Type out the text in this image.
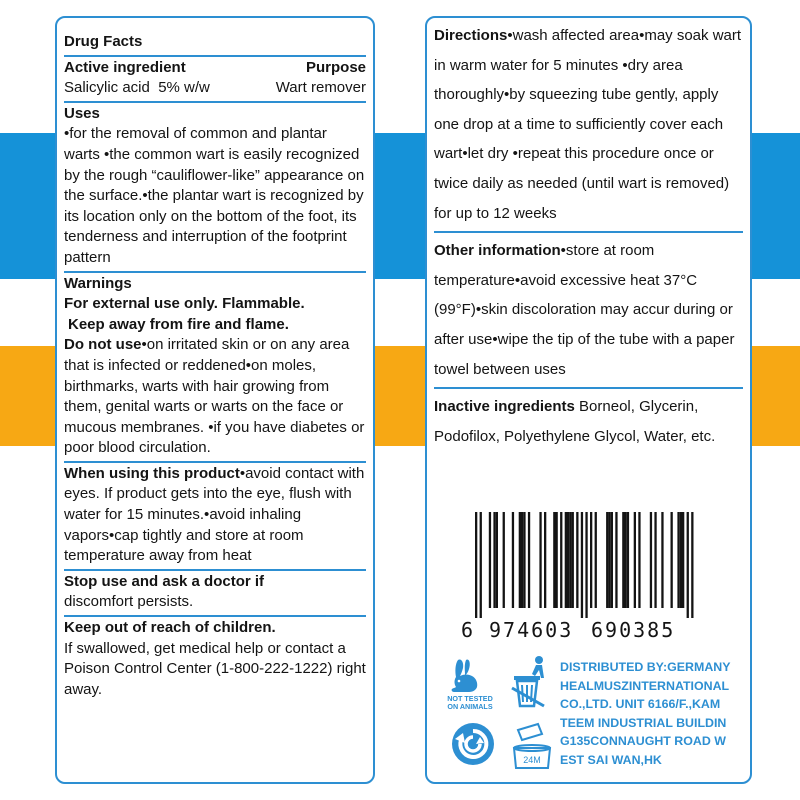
Drug Facts
Active ingredient	Purpose
Salicylic acid  5% w/w	Wart remover
Uses
•for the removal of common and plantar warts •the common wart is easily recognized by the rough “cauliflower-like” appearance on the surface.•the plantar wart is recognized by its location only on the bottom of the foot, its tenderness and interruption of the footprint pattern
Warnings
For external use only. Flammable.
Keep away from fire and flame.
Do not use•on irritated skin or on any area that is infected or reddened•on moles, birthmarks, warts with hair growing from them, genital warts or warts on the face or mucous membranes. •if you have diabetes or poor blood circulation.
When using this product•avoid contact with eyes. If product gets into the eye, flush with water for 15 minutes.•avoid inhaling vapors•cap tightly and store at room temperature away from heat
Stop use and ask a doctor if
discomfort persists.
Keep out of reach of children.
If swallowed, get medical help or contact a Poison Control Center (1-800-222-1222) right away.
Directions•wash affected area•may soak wart in warm water for 5 minutes •dry area thoroughly•by squeezing tube gently, apply one drop at a time to sufficiently cover each wart•let dry •repeat this procedure once or twice daily as needed (until wart is removed) for up to 12 weeks
Other information•store at room temperature•avoid excessive heat 37°C (99°F)•skin discoloration may accur during or after use•wipe the tip of the tube with a paper towel between uses
Inactive ingredients Borneol, Glycerin, Podofilox, Polyethylene Glycol, Water, etc.
6 974603 690385
NOT TESTED
ON ANIMALS
24M
DISTRIBUTED BY:GERMANY
HEALMUSZINTERNATIONAL
CO.,LTD. UNIT 6166/F.,KAM
TEEM INDUSTRIAL BUILDIN
G135CONNAUGHT ROAD W
EST SAI WAN,HK
